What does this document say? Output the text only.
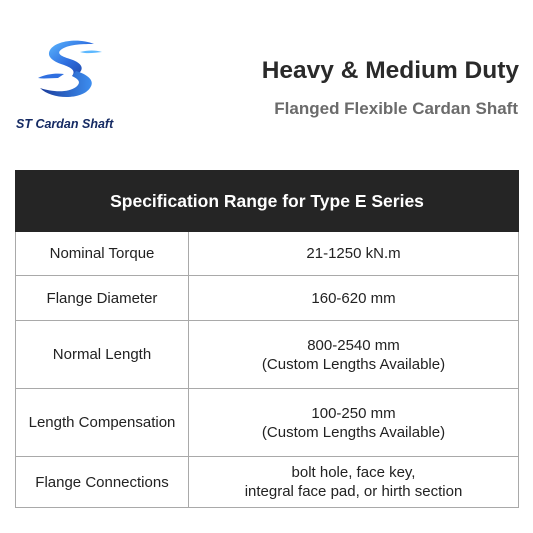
ST Cardan Shaft
Heavy & Medium Duty
Flanged Flexible Cardan Shaft
Specification Range for Type E Series	
Nominal Torque	21-1250 kN.m

Flange Diameter	160-620 mm

Normal Length	800-2540 mm
(Custom Lengths Available)

Length Compensation	100-250 mm
(Custom Lengths Available)

Flange Connections	bolt hole, face key,
integral face pad, or hirth section
